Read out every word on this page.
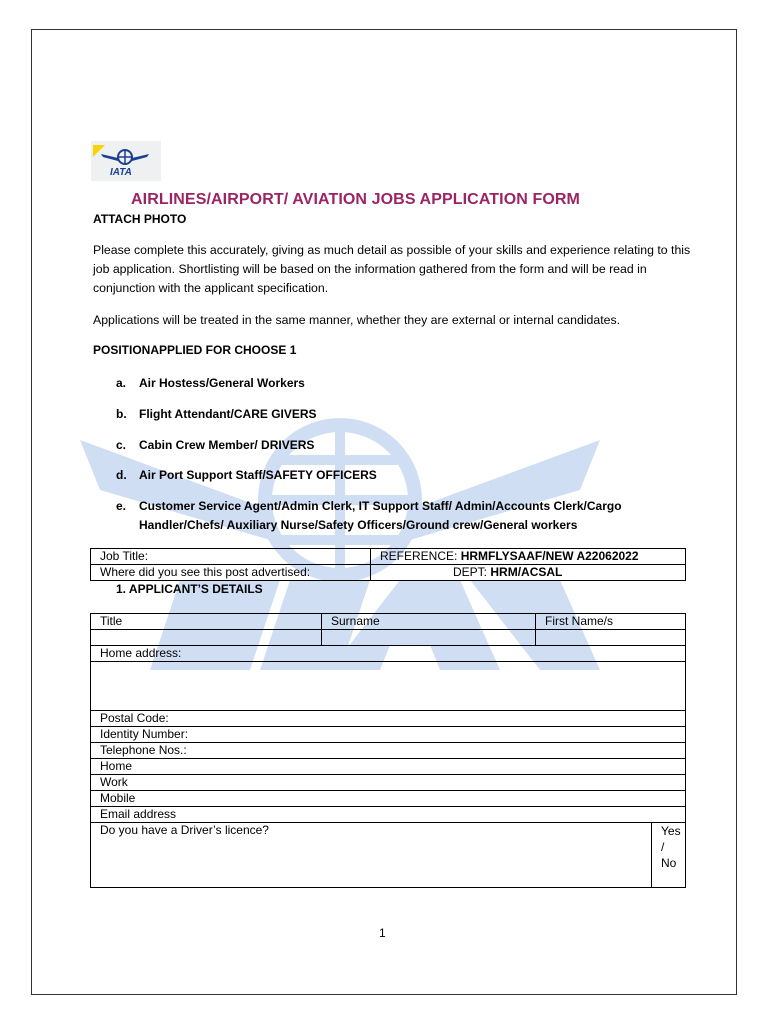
IATA
AIRLINES/AIRPORT/ AVIATION JOBS APPLICATION FORM
ATTACH PHOTO
Please complete this accurately, giving as much detail as possible of your skills and experience relating to this job application. Shortlisting will be based on the information gathered from the form and will be read in conjunction with the applicant specification.
Applications will be treated in the same manner, whether they are external or internal candidates.
POSITIONAPPLIED FOR CHOOSE 1
a.	Air Hostess/General Workers
b.	Flight Attendant/CARE GIVERS
c.	Cabin Crew Member/ DRIVERS
d.	Air Port Support Staff/SAFETY OFFICERS
e.	Customer Service Agent/Admin Clerk, IT Support Staff/ Admin/Accounts Clerk/Cargo Handler/Chefs/ Auxiliary Nurse/Safety Officers/Ground crew/General workers
Job Title:	REFERENCE: HRMFLYSAAF/NEW A22062022
Where did you see this post advertised:	DEPT: HRM/ACSAL
1. APPLICANT’S DETAILS
Title	Surname	First Name/s	

Home address:			

Postal Code:			
Identity Number:			
Telephone Nos.:			
Home			
Work			
Mobile			
Email address			
Do you have a Driver’s licence?			Yes
/
No
1
